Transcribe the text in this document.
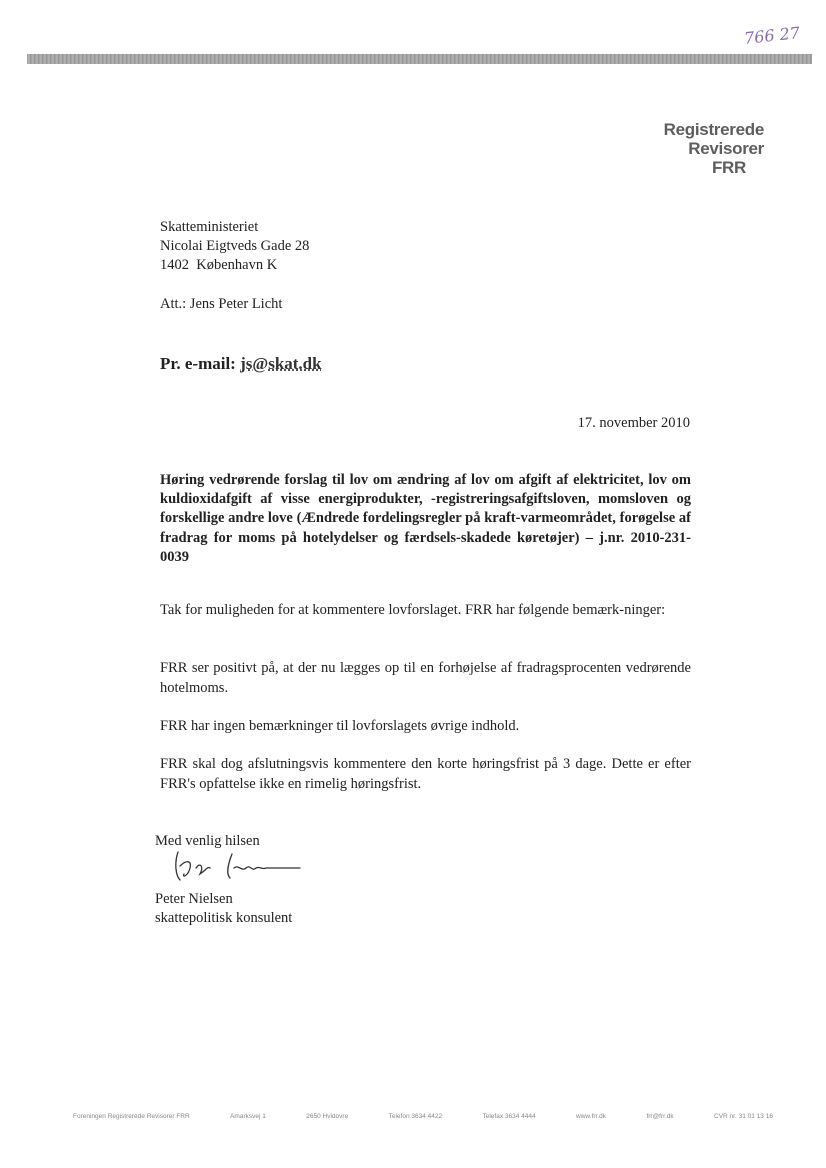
766 27
Registrerede
Revisorer
FRR
Skatteministeriet
Nicolai Eigtveds Gade 28
1402  København K
Att.: Jens Peter Licht
Pr. e-mail: js@skat.dk
17. november 2010
Høring vedrørende forslag til lov om ændring af lov om afgift af elektricitet, lov om kuldioxidafgift af visse energiprodukter, -registreringsafgiftsloven, momsloven og forskellige andre love (Ændrede fordelingsregler på kraft-varmeområdet, forøgelse af fradrag for moms på hotelydelser og færdsels-skadede køretøjer) – j.nr. 2010-231-0039
Tak for muligheden for at kommentere lovforslaget. FRR har følgende bemærk-ninger:
FRR ser positivt på, at der nu lægges op til en forhøjelse af fradragsprocenten vedrørende hotelmoms.
FRR har ingen bemærkninger til lovforslagets øvrige indhold.
FRR skal dog afslutningsvis kommentere den korte høringsfrist på 3 dage. Dette er efter FRR's opfattelse ikke en rimelig høringsfrist.
Med venlig hilsen
Peter Nielsen
skattepolitisk konsulent
Foreningen Registrerede Revisorer FRR	Amarksvej 1	2650 Hvidovre	Telefon 3634 4422	Telefax 3634 4444	www.frr.dk	frr@frr.dk	CVR nr. 31 01 13 16
